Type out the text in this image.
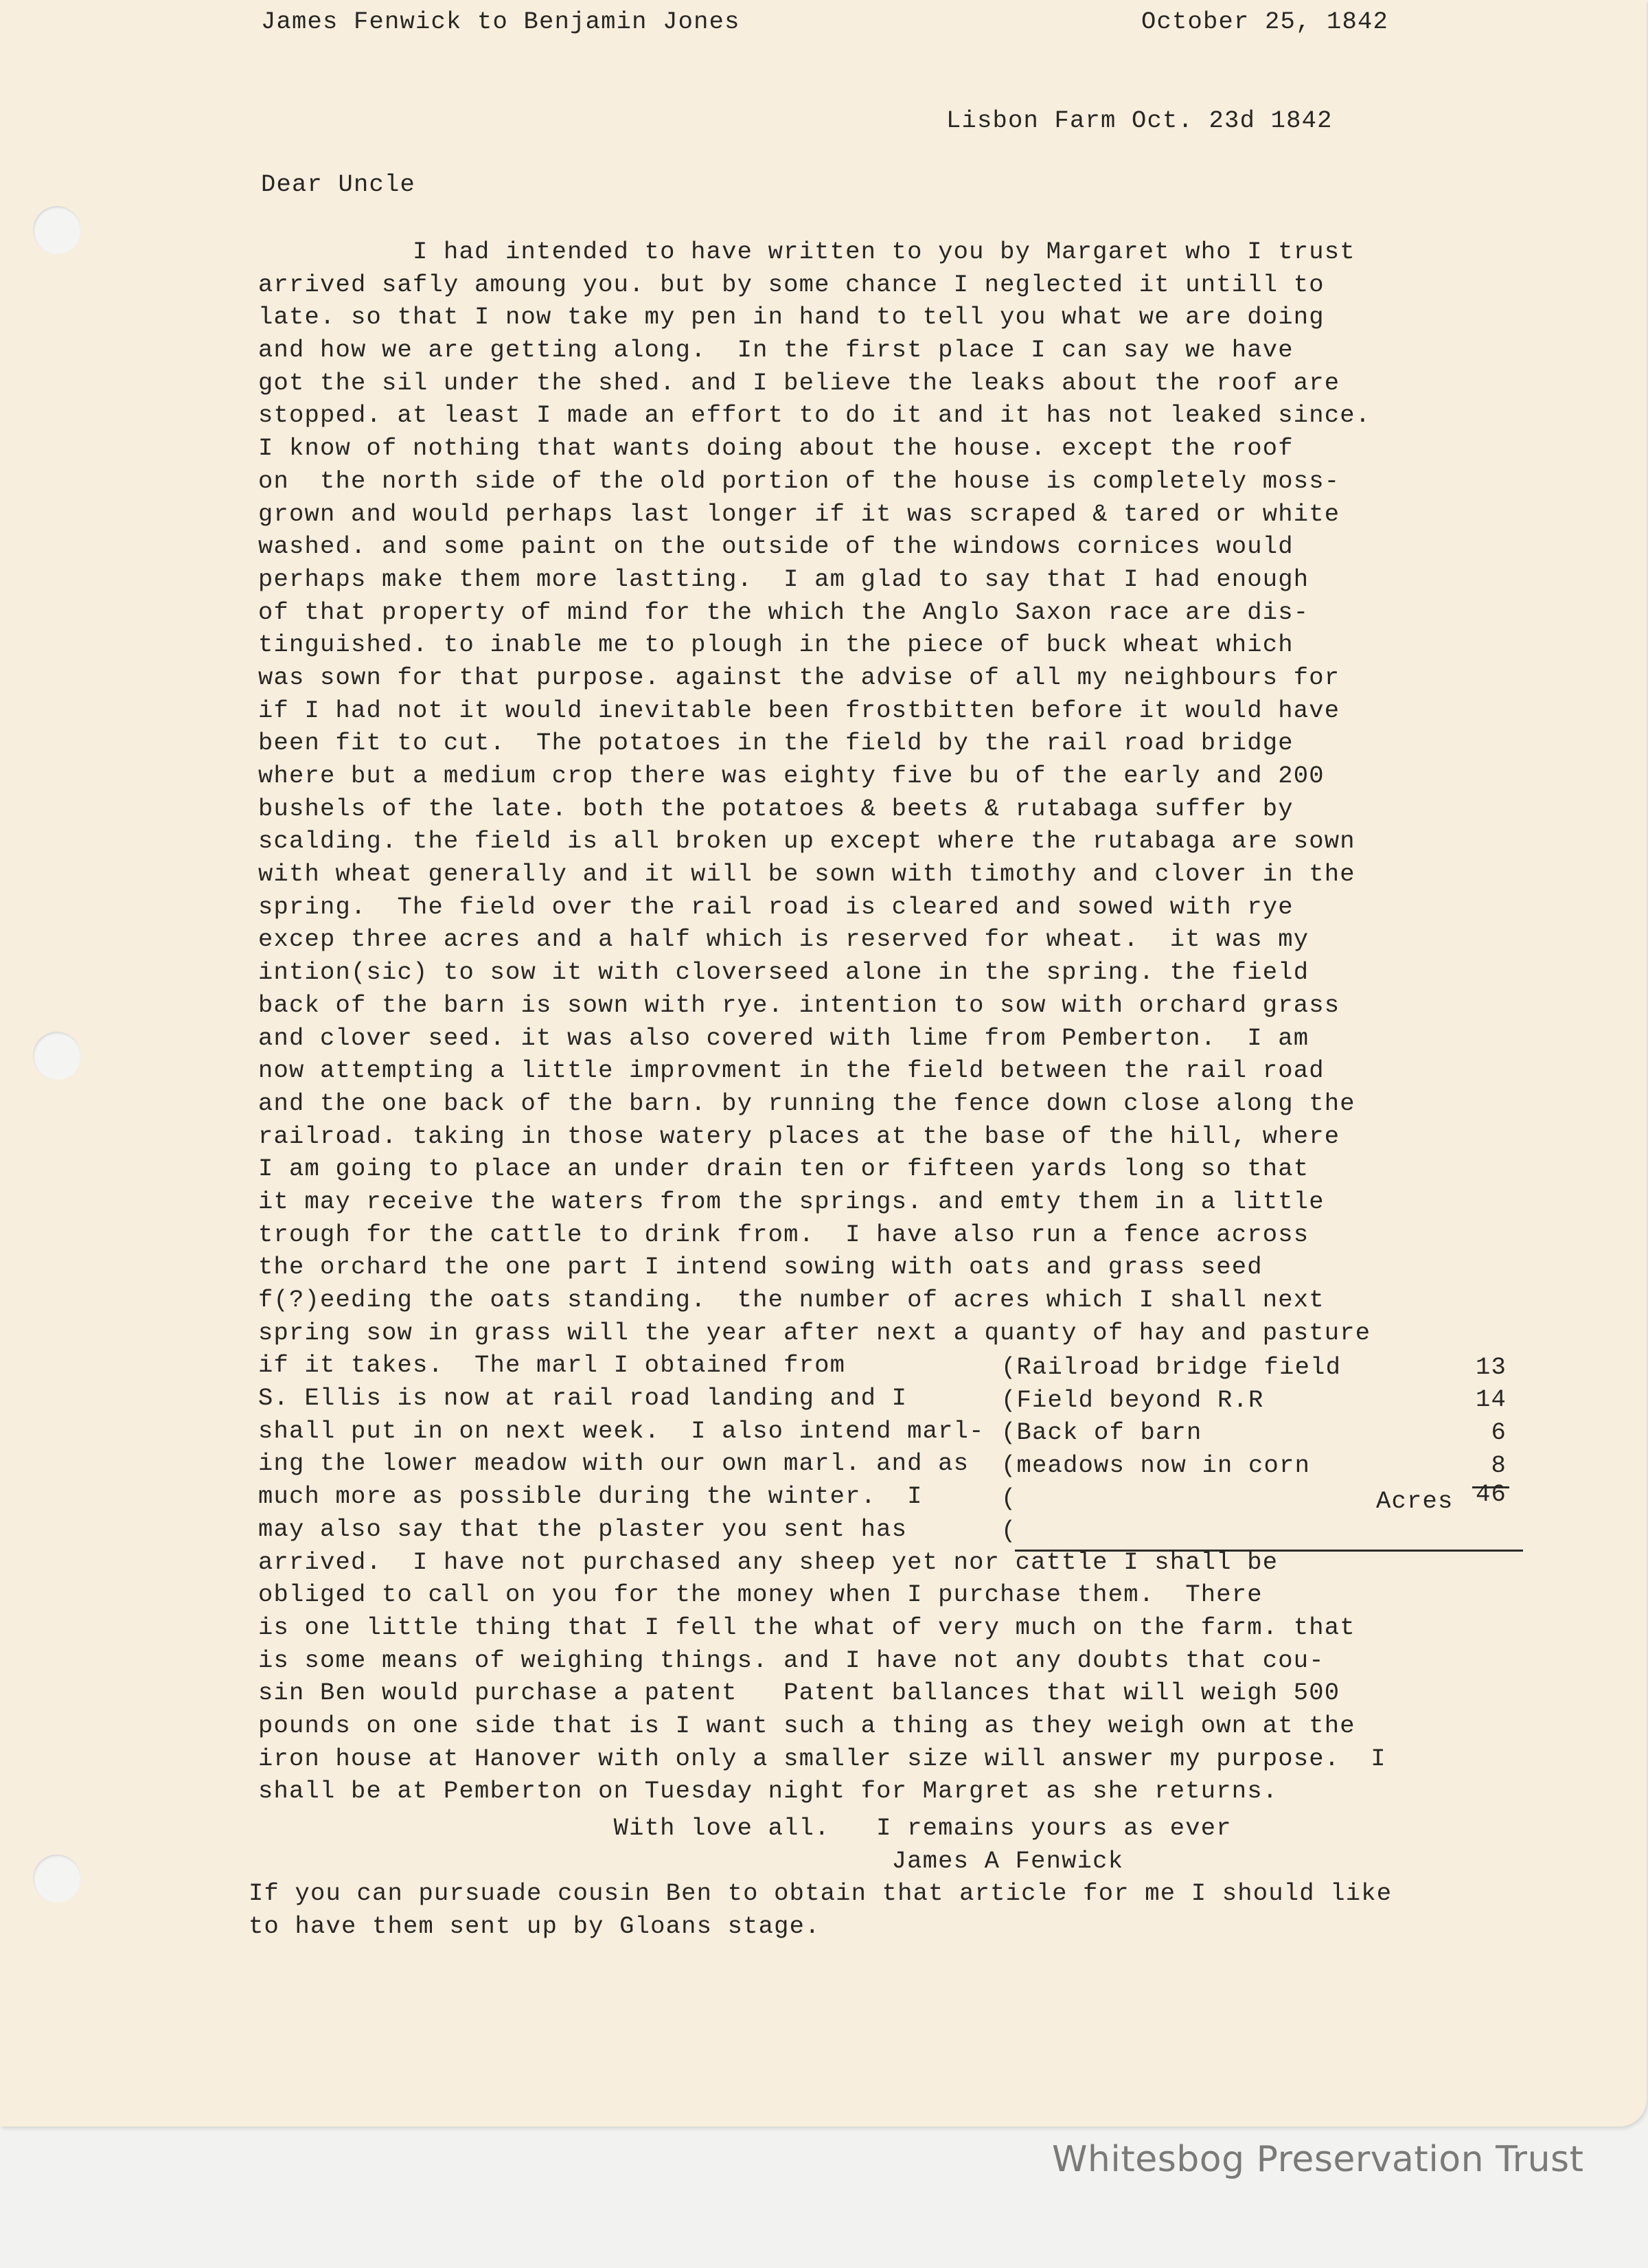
James Fenwick to Benjamin Jones	October 25, 1842
Lisbon Farm Oct. 23d 1842
Dear Uncle
I had intended to have written to you by Margaret who I trust
arrived safly amoung you. but by some chance I neglected it untill to
late. so that I now take my pen in hand to tell you what we are doing
and how we are getting along.  In the first place I can say we have
got the sil under the shed. and I believe the leaks about the roof are
stopped. at least I made an effort to do it and it has not leaked since.
I know of nothing that wants doing about the house. except the roof
on  the north side of the old portion of the house is completely moss-
grown and would perhaps last longer if it was scraped & tared or white
washed. and some paint on the outside of the windows cornices would
perhaps make them more lastting.  I am glad to say that I had enough
of that property of mind for the which the Anglo Saxon race are dis-
tinguished. to inable me to plough in the piece of buck wheat which
was sown for that purpose. against the advise of all my neighbours for
if I had not it would inevitable been frostbitten before it would have
been fit to cut.  The potatoes in the field by the rail road bridge
where but a medium crop there was eighty five bu of the early and 200
bushels of the late. both the potatoes & beets & rutabaga suffer by
scalding. the field is all broken up except where the rutabaga are sown
with wheat generally and it will be sown with timothy and clover in the
spring.  The field over the rail road is cleared and sowed with rye
excep three acres and a half which is reserved for wheat.  it was my
intion(sic) to sow it with cloverseed alone in the spring. the field
back of the barn is sown with rye. intention to sow with orchard grass
and clover seed. it was also covered with lime from Pemberton.  I am
now attempting a little improvment in the field between the rail road
and the one back of the barn. by running the fence down close along the
railroad. taking in those watery places at the base of the hill, where
I am going to place an under drain ten or fifteen yards long so that
it may receive the waters from the springs. and emty them in a little
trough for the cattle to drink from.  I have also run a fence across
the orchard the one part I intend sowing with oats and grass seed
f(?)eeding the oats standing.  the number of acres which I shall next
spring sow in grass will the year after next a quanty of hay and pasture
if it takes.  The marl I obtained from
S. Ellis is now at rail road landing and I
shall put in on next week.  I also intend marl-
ing the lower meadow with our own marl. and as
much more as possible during the winter.  I
may also say that the plaster you sent has
arrived.  I have not purchased any sheep yet nor cattle I shall be
obliged to call on you for the money when I purchase them.  There
is one little thing that I fell the what of very much on the farm. that
is some means of weighing things. and I have not any doubts that cou-
sin Ben would purchase a patent   Patent ballances that will weigh 500
pounds on one side that is I want such a thing as they weigh own at the
iron house at Hanover with only a smaller size will answer my purpose.  I
shall be at Pemberton on Tuesday night for Margret as she returns.
(Railroad bridge field
(Field beyond R.R
(Back of barn
(meadows now in corn
(
(
13
14
6
8
Acres 46
With love all.   I remains yours as ever
James A Fenwick
If you can pursuade cousin Ben to obtain that article for me I should like
to have them sent up by Gloans stage.
Whitesbog Preservation Trust
